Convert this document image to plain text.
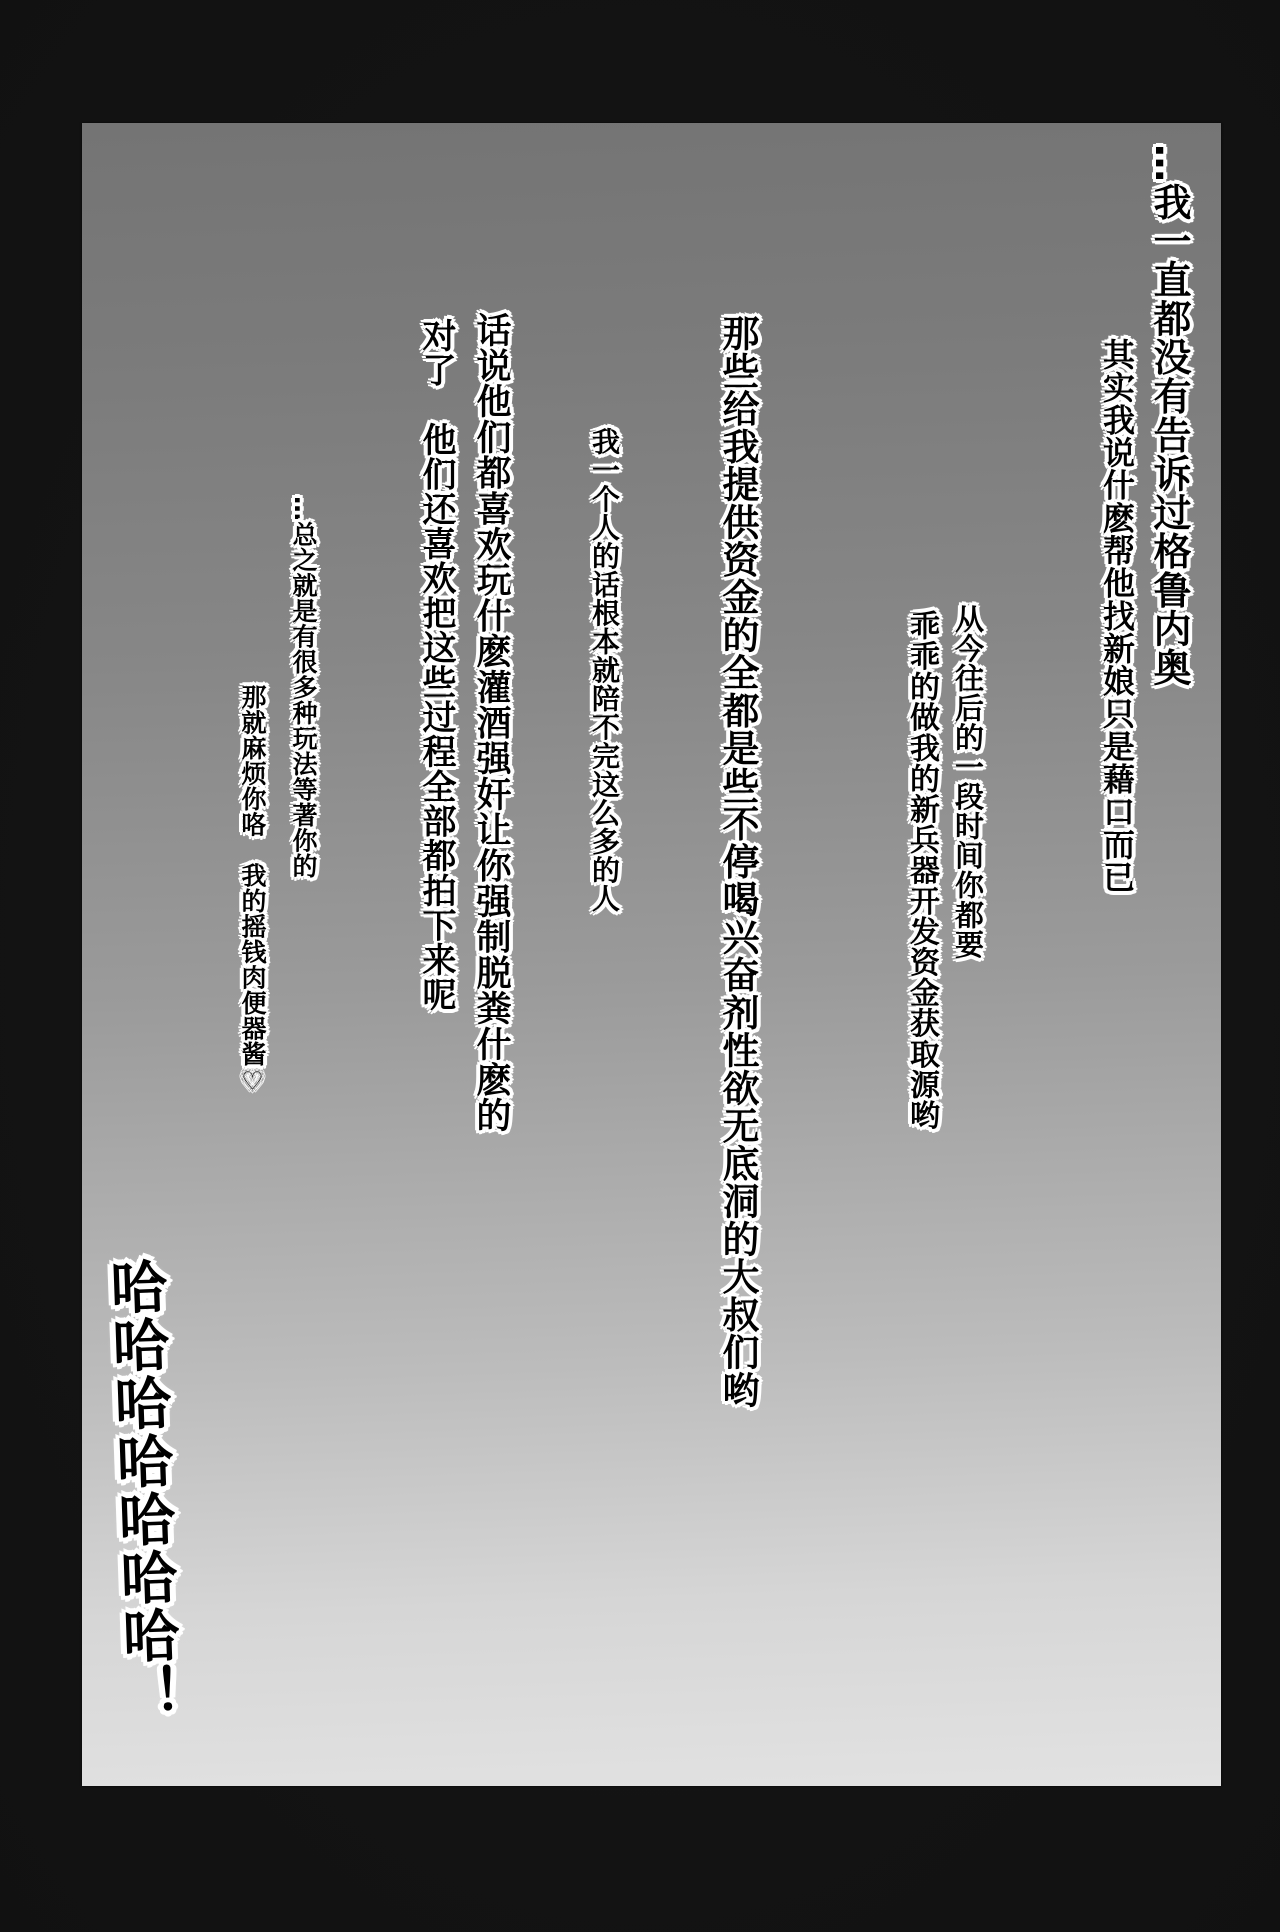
…我一直都没有告诉过格鲁内奥
其实我说什麽帮他找新娘只是藉口而已
从今往后的一段时间你都要
乖乖的做我的新兵器开发资金获取源哟
那些给我提供资金的全都是些不停喝兴奋剂性欲无底洞的大叔们哟
我一个人的话根本就陪不完这么多的人
话说他们都喜欢玩什麽灌酒强奸让你强制脱粪什麽的
对了　他们还喜欢把这些过程全部都拍下来呢
…总之就是有很多种玩法等著你的
那就麻烦你咯　我的摇钱肉便器酱♡
哈哈哈哈哈哈哈！
